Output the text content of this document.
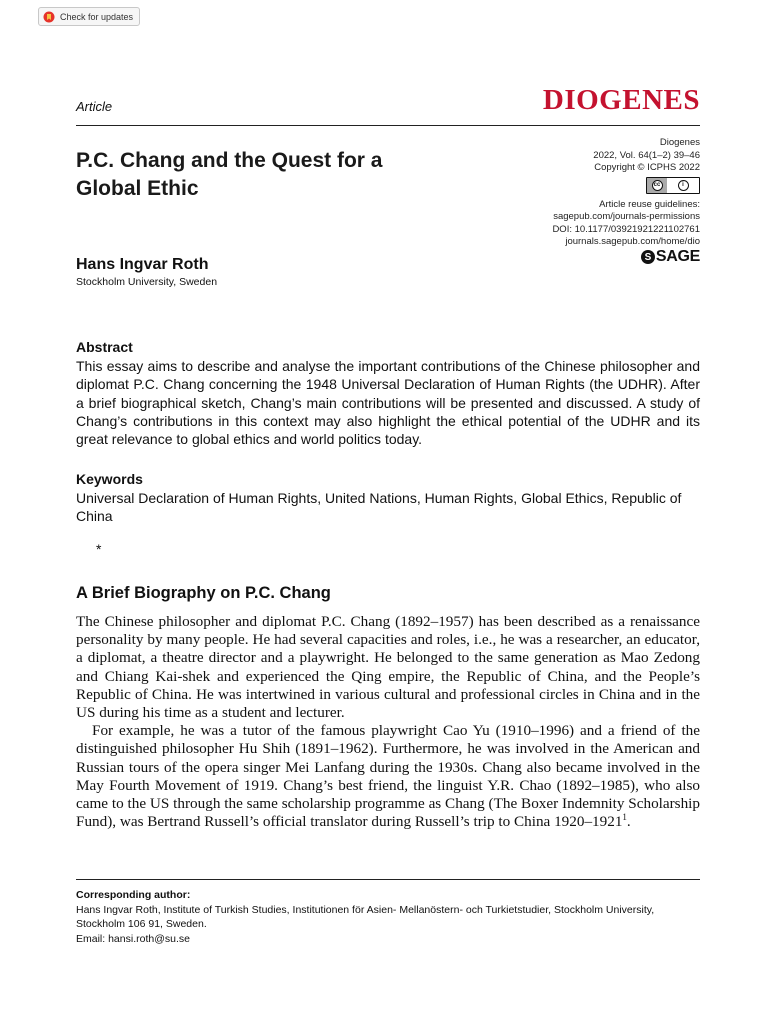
Check for updates
Article	DIOGENES
P.C. Chang and the Quest for a
Global Ethic
Diogenes
2022, Vol. 64(1–2) 39–46
Copyright © ICPHS 2022
cc	i
Article reuse guidelines:
sagepub.com/journals-permissions
DOI: 10.1177/03921921221102761
journals.sagepub.com/home/dio
S SAGE
Hans Ingvar Roth
Stockholm University, Sweden
Abstract
This essay aims to describe and analyse the important contributions of the Chinese philosopher and diplomat P.C. Chang concerning the 1948 Universal Declaration of Human Rights (the UDHR). After a brief biographical sketch, Chang’s main contributions will be presented and discussed. A study of Chang’s contributions in this context may also highlight the ethical potential of the UDHR and its great relevance to global ethics and world politics today.
Keywords
Universal Declaration of Human Rights, United Nations, Human Rights, Global Ethics, Republic of China
*
A Brief Biography on P.C. Chang

The Chinese philosopher and diplomat P.C. Chang (1892–1957) has been described as a renaissance personality by many people. He had several capacities and roles, i.e., he was a researcher, an educator, a diplomat, a theatre director and a playwright. He belonged to the same generation as Mao Zedong and Chiang Kai-shek and experienced the Qing empire, the Republic of China, and the People’s Republic of China. He was intertwined in various cultural and professional circles in China and in the US during his time as a student and lecturer.

For example, he was a tutor of the famous playwright Cao Yu (1910–1996) and a friend of the distinguished philosopher Hu Shih (1891–1962). Furthermore, he was involved in the American and Russian tours of the opera singer Mei Lanfang during the 1930s. Chang also became involved in the May Fourth Movement of 1919. Chang’s best friend, the linguist Y.R. Chao (1892–1985), who also came to the US through the same scholarship programme as Chang (The Boxer Indemnity Scholarship Fund), was Bertrand Russell’s official translator during Russell’s trip to China 1920–1921$^1$.

Corresponding author:
Hans Ingvar Roth, Institute of Turkish Studies, Institutionen för Asien- Mellanöstern- och Turkietstudier, Stockholm University, Stockholm 106 91, Sweden.
Email: hansi.roth@su.se
